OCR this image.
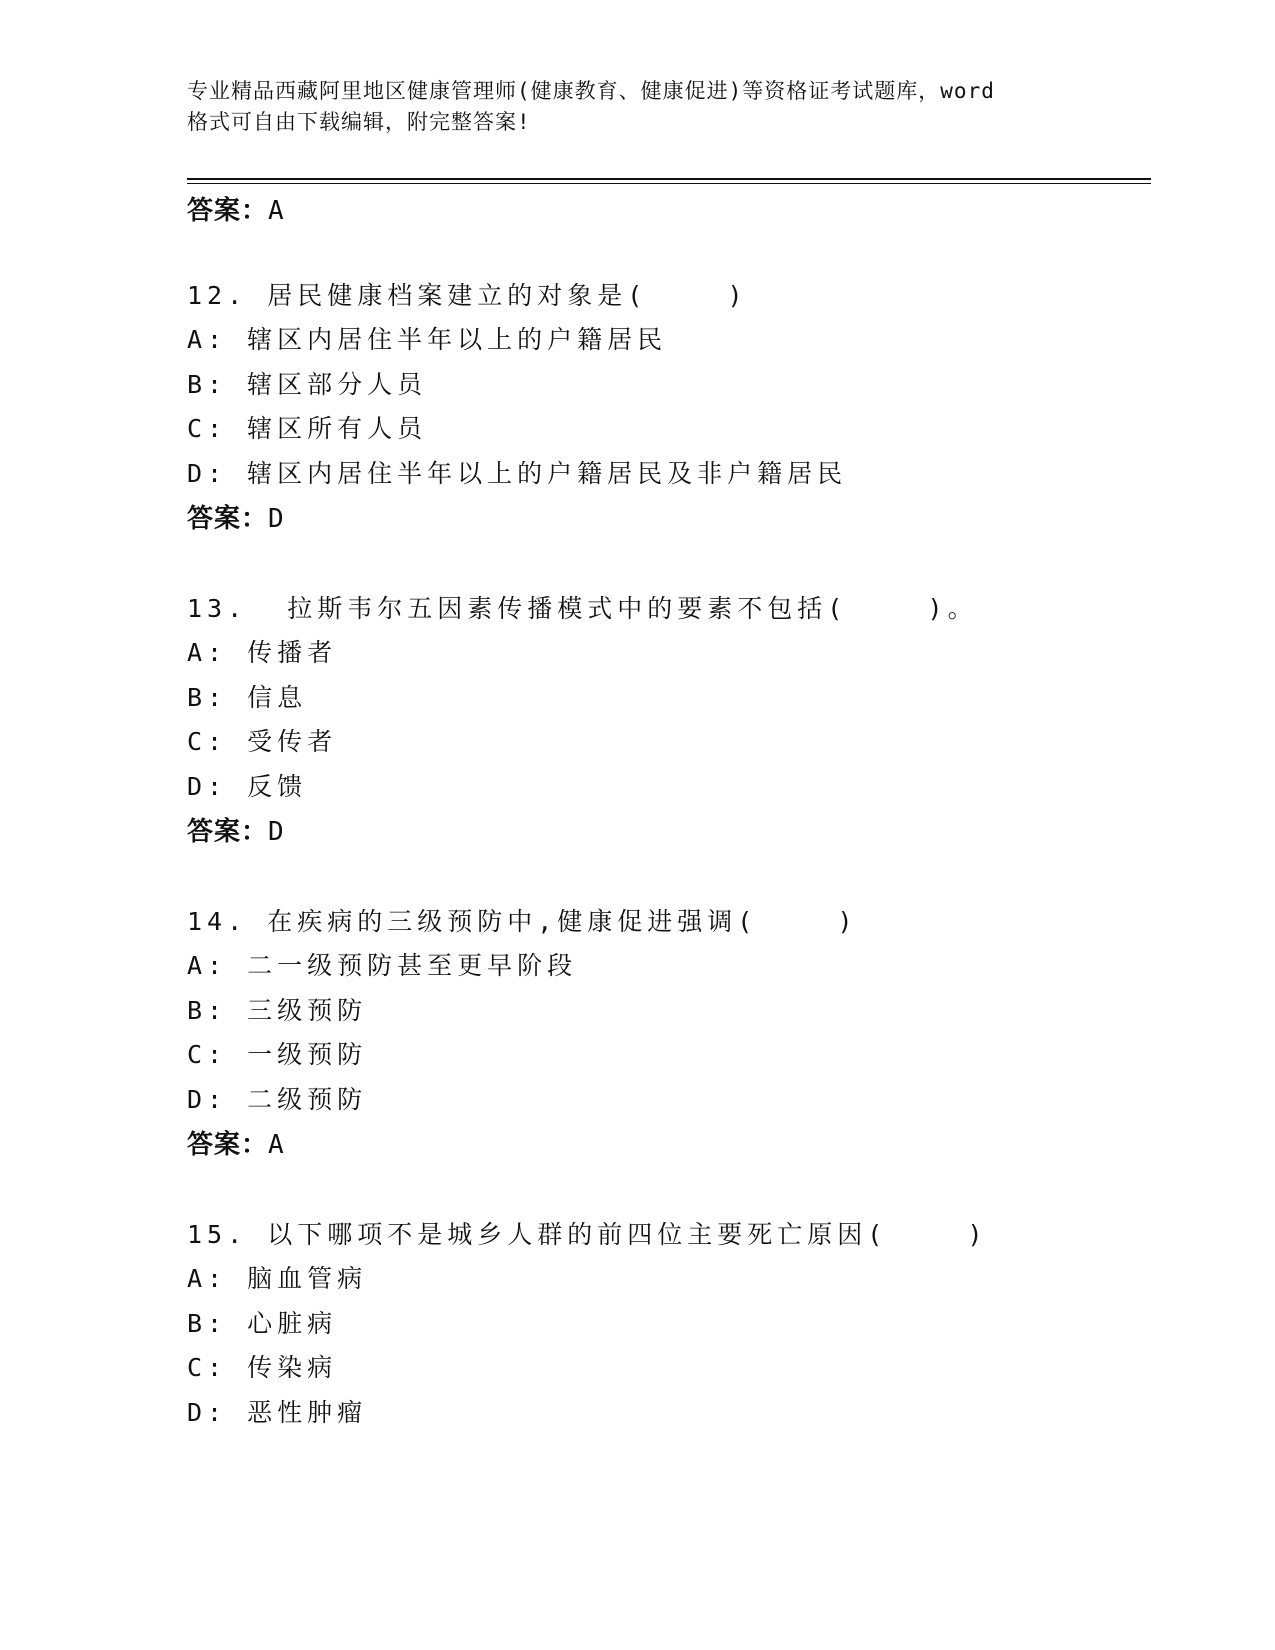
专业精品西藏阿里地区健康管理师(健康教育、健康促进)等资格证考试题库，word
格式可自由下载编辑，附完整答案!
答案：A
12. 居民健康档案建立的对象是(    )
A: 辖区内居住半年以上的户籍居民
B: 辖区部分人员
C: 辖区所有人员
D: 辖区内居住半年以上的户籍居民及非户籍居民
答案：D
13.  拉斯韦尔五因素传播模式中的要素不包括(    )。
A: 传播者
B: 信息
C: 受传者
D: 反馈
答案：D
14. 在疾病的三级预防中,健康促进强调(    )
A: 二一级预防甚至更早阶段
B: 三级预防
C: 一级预防
D: 二级预防
答案：A
15. 以下哪项不是城乡人群的前四位主要死亡原因(    )
A: 脑血管病
B: 心脏病
C: 传染病
D: 恶性肿瘤
